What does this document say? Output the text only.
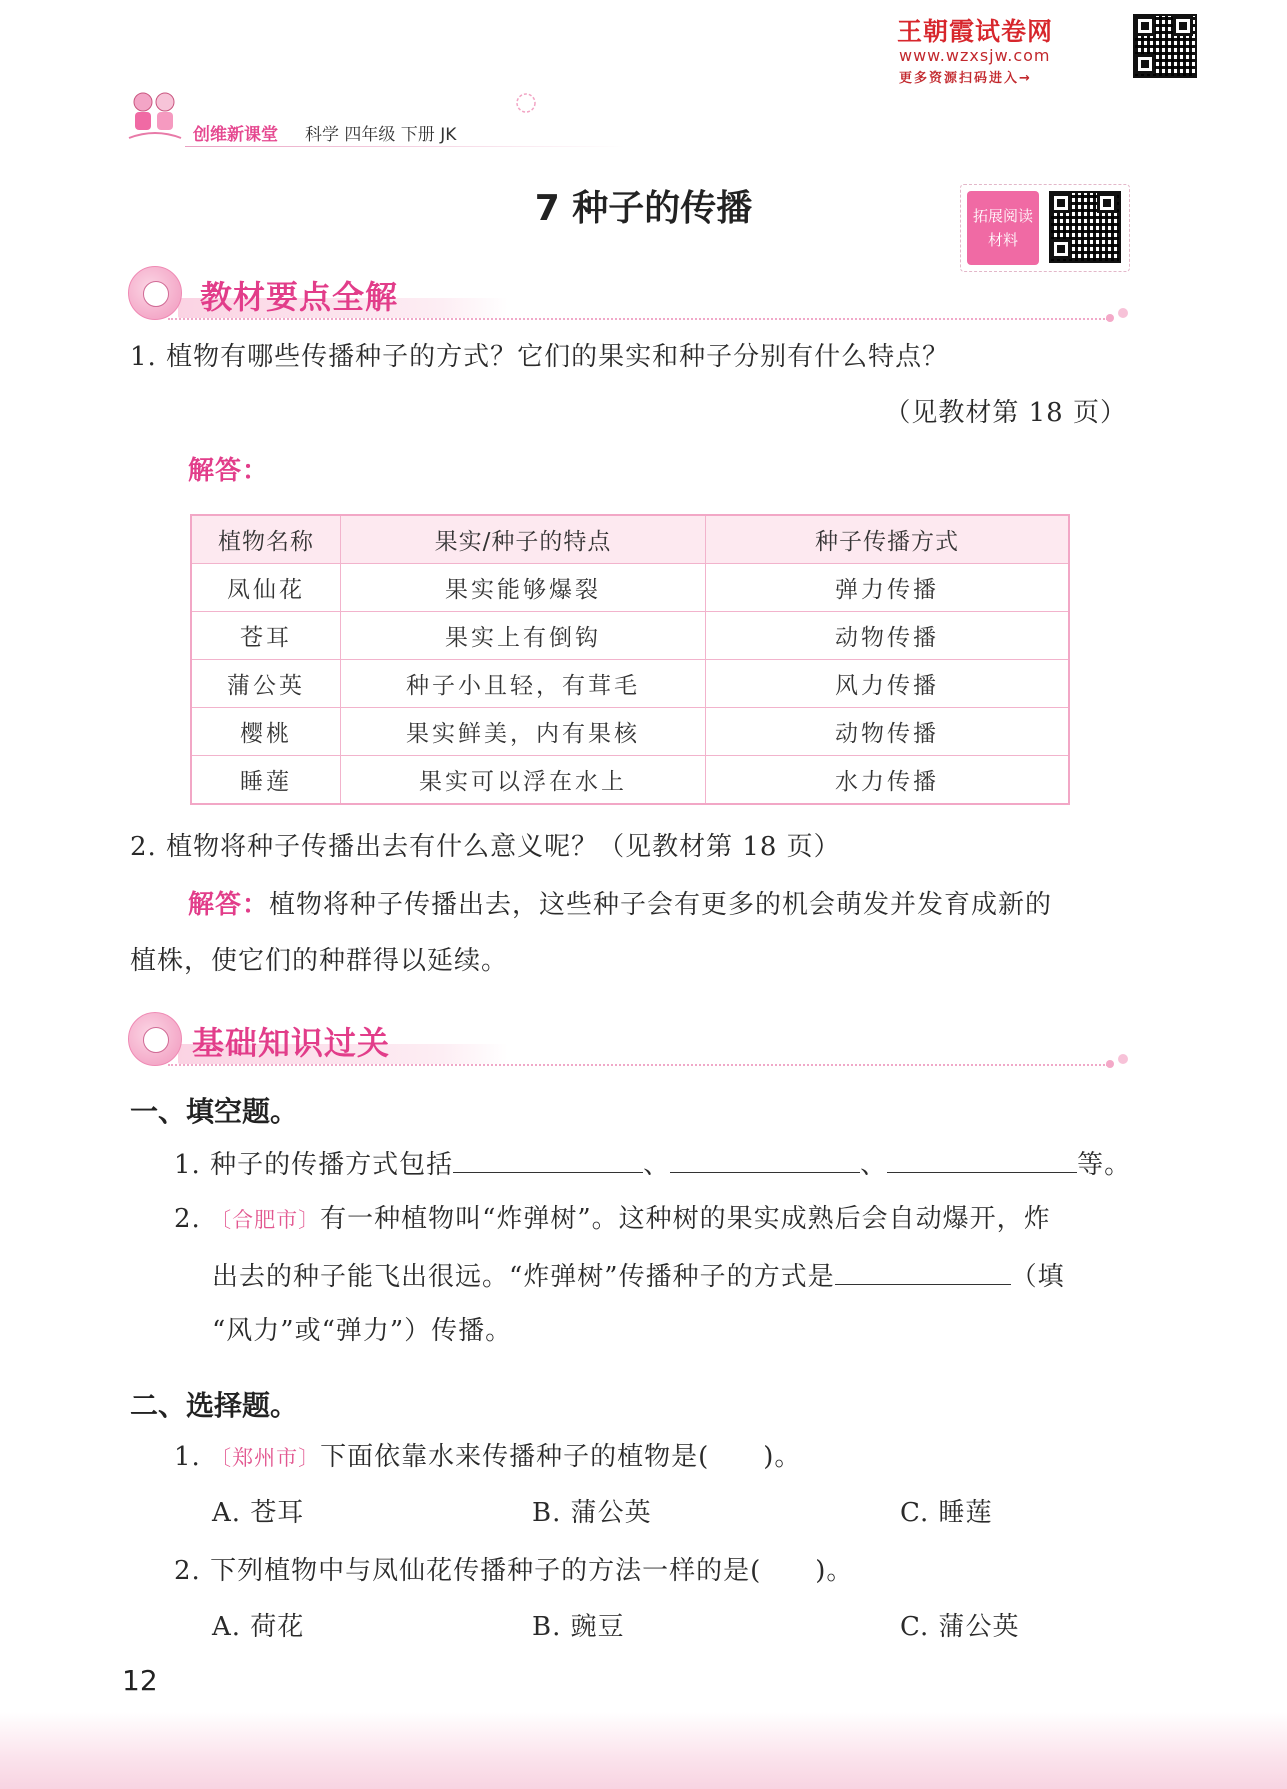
王朝霞试卷网
www.wzxsjw.com
更多资源扫码进入→
创维新课堂 科学 四年级 下册 JK
7 种子的传播	拓展阅读
材料
教材要点全解
1. 植物有哪些传播种子的方式？它们的果实和种子分别有什么特点？
（见教材第 18 页）
解答：
植物名称	果实/种子的特点	种子传播方式
凤仙花	果实能够爆裂	弹力传播
苍耳	果实上有倒钩	动物传播
蒲公英	种子小且轻，有茸毛	风力传播
樱桃	果实鲜美，内有果核	动物传播
睡莲	果实可以浮在水上	水力传播
2. 植物将种子传播出去有什么意义呢？（见教材第 18 页）
解答：植物将种子传播出去，这些种子会有更多的机会萌发并发育成新的
植株，使它们的种群得以延续。
基础知识过关
一、填空题。
1. 种子的传播方式包括	、	、	等。
2. 〔合肥市〕有一种植物叫“炸弹树”。这种树的果实成熟后会自动爆开，炸
出去的种子能飞出很远。“炸弹树”传播种子的方式是	（填
“风力”或“弹力”）传播。
二、选择题。
1. 〔郑州市〕下面依靠水来传播种子的植物是(　　)。
A. 苍耳	B. 蒲公英	C. 睡莲
2. 下列植物中与凤仙花传播种子的方法一样的是(　　)。
A. 荷花	B. 豌豆	C. 蒲公英
12
